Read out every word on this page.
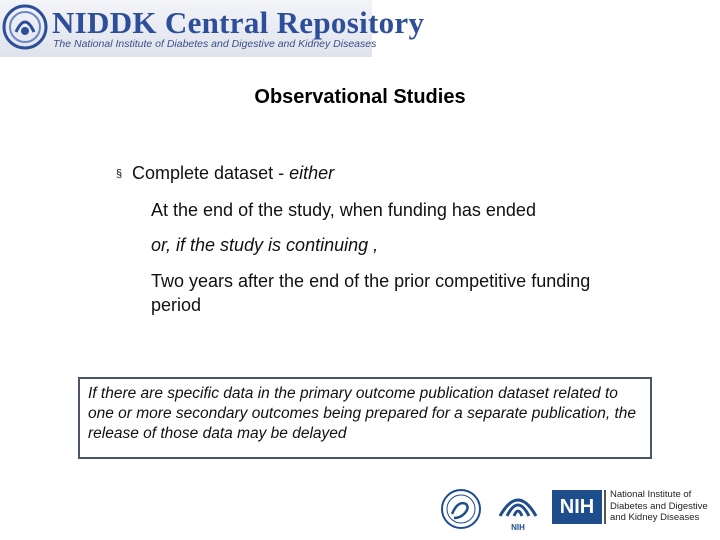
NIDDK Central Repository
The National Institute of Diabetes and Digestive and Kidney Diseases
Observational Studies
§ Complete dataset - either
At the end of the study, when funding has ended
or, if the study is continuing ,
Two years after the end of the prior competitive funding period
If there are specific data in the primary outcome publication dataset related to one or more secondary outcomes being prepared for a separate publication, the release of those data may be delayed
NIH
NIH
National Institute of
Diabetes and Digestive
and Kidney Diseases
